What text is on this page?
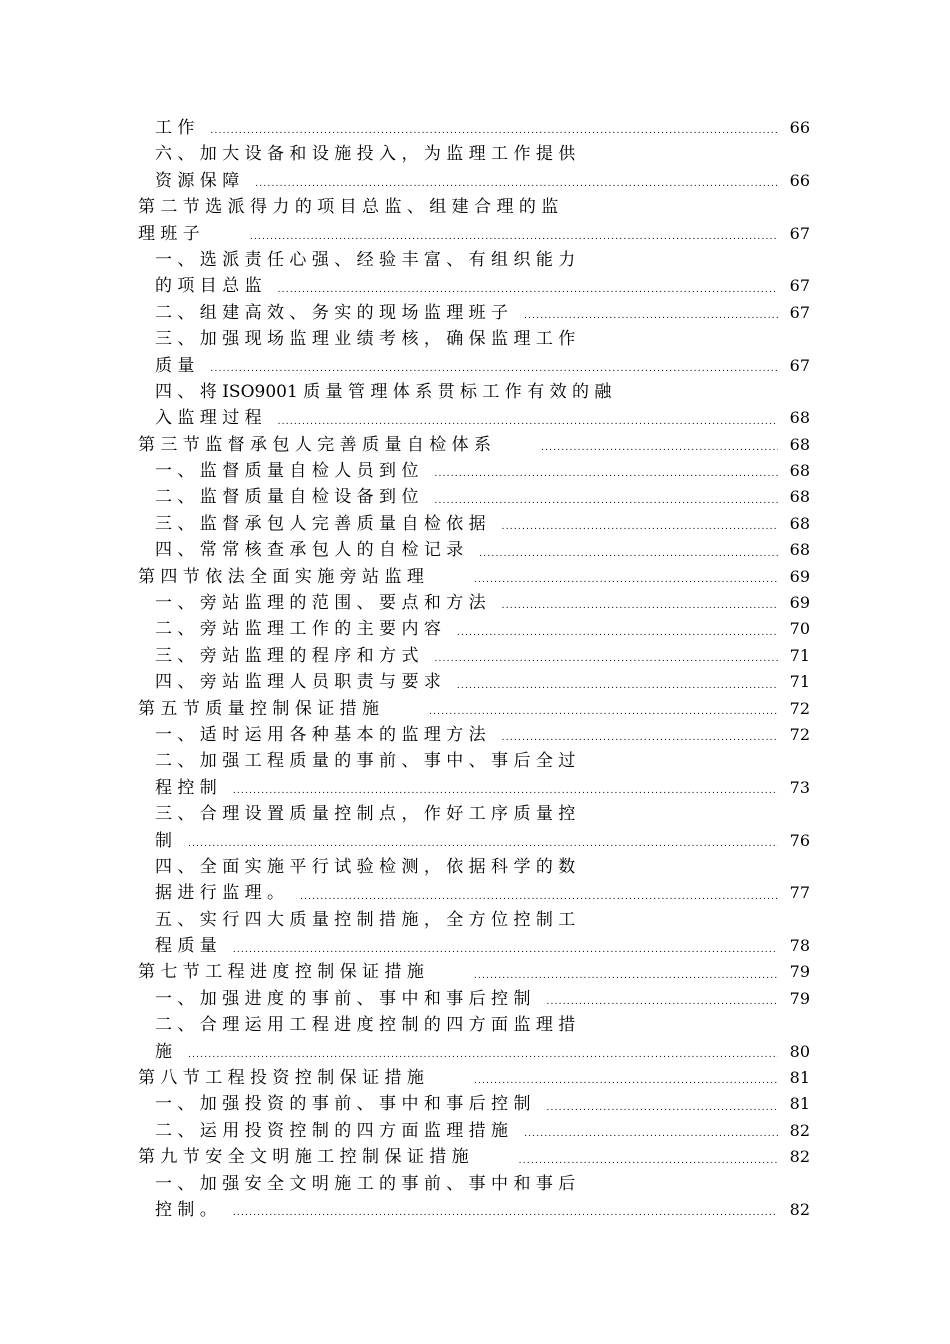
工 作 .....	66
六 、 加 大 设 备 和 设 施 投 入 ， 为 监 理 工 作 提 供
资 源 保 障 .....	66
第 二 节 选 派 得 力 的 项 目 总 监 、 组 建 合 理 的 监
理 班 子 .....	67
一 、 选 派 责 任 心 强 、 经 验 丰 富 、 有 组 织 能 力
的 项 目 总 监 .....	67
二 、 组 建 高 效 、 务 实 的 现 场 监 理 班 子 .....	67
三 、 加 强 现 场 监 理 业 绩 考 核 ， 确 保 监 理 工 作
质 量 .....	67
四 、 将 ISO9001 质 量 管 理 体 系 贯 标 工 作 有 效 的 融
入 监 理 过 程 .....	68
第 三 节 监 督 承 包 人 完 善 质 量 自 检 体 系 .....	68
一 、 监 督 质 量 自 检 人 员 到 位 .....	68
二 、 监 督 质 量 自 检 设 备 到 位 .....	68
三 、 监 督 承 包 人 完 善 质 量 自 检 依 据 .....	68
四 、 常 常 核 查 承 包 人 的 自 检 记 录 .....	68
第 四 节 依 法 全 面 实 施 旁 站 监 理 .....	69
一 、 旁 站 监 理 的 范 围 、 要 点 和 方 法 .....	69
二 、 旁 站 监 理 工 作 的 主 要 内 容 .....	70
三 、 旁 站 监 理 的 程 序 和 方 式 .....	71
四 、 旁 站 监 理 人 员 职 责 与 要 求 .....	71
第 五 节 质 量 控 制 保 证 措 施 .....	72
一 、 适 时 运 用 各 种 基 本 的 监 理 方 法 .....	72
二 、 加 强 工 程 质 量 的 事 前 、 事 中 、 事 后 全 过
程 控 制 .....	73
三 、 合 理 设 置 质 量 控 制 点 ， 作 好 工 序 质 量 控
制 .....	76
四 、 全 面 实 施 平 行 试 验 检 测 ， 依 据 科 学 的 数
据 进 行 监 理 。 .....	77
五 、 实 行 四 大 质 量 控 制 措 施 ， 全 方 位 控 制 工
程 质 量 .....	78
第 七 节 工 程 进 度 控 制 保 证 措 施 .....	79
一 、 加 强 进 度 的 事 前 、 事 中 和 事 后 控 制 .....	79
二 、 合 理 运 用 工 程 进 度 控 制 的 四 方 面 监 理 措
施 .....	80
第 八 节 工 程 投 资 控 制 保 证 措 施 .....	81
一 、 加 强 投 资 的 事 前 、 事 中 和 事 后 控 制 .....	81
二 、 运 用 投 资 控 制 的 四 方 面 监 理 措 施 .....	82
第 九 节 安 全 文 明 施 工 控 制 保 证 措 施 .....	82
一 、 加 强 安 全 文 明 施 工 的 事 前 、 事 中 和 事 后
控 制 。 .....	82
